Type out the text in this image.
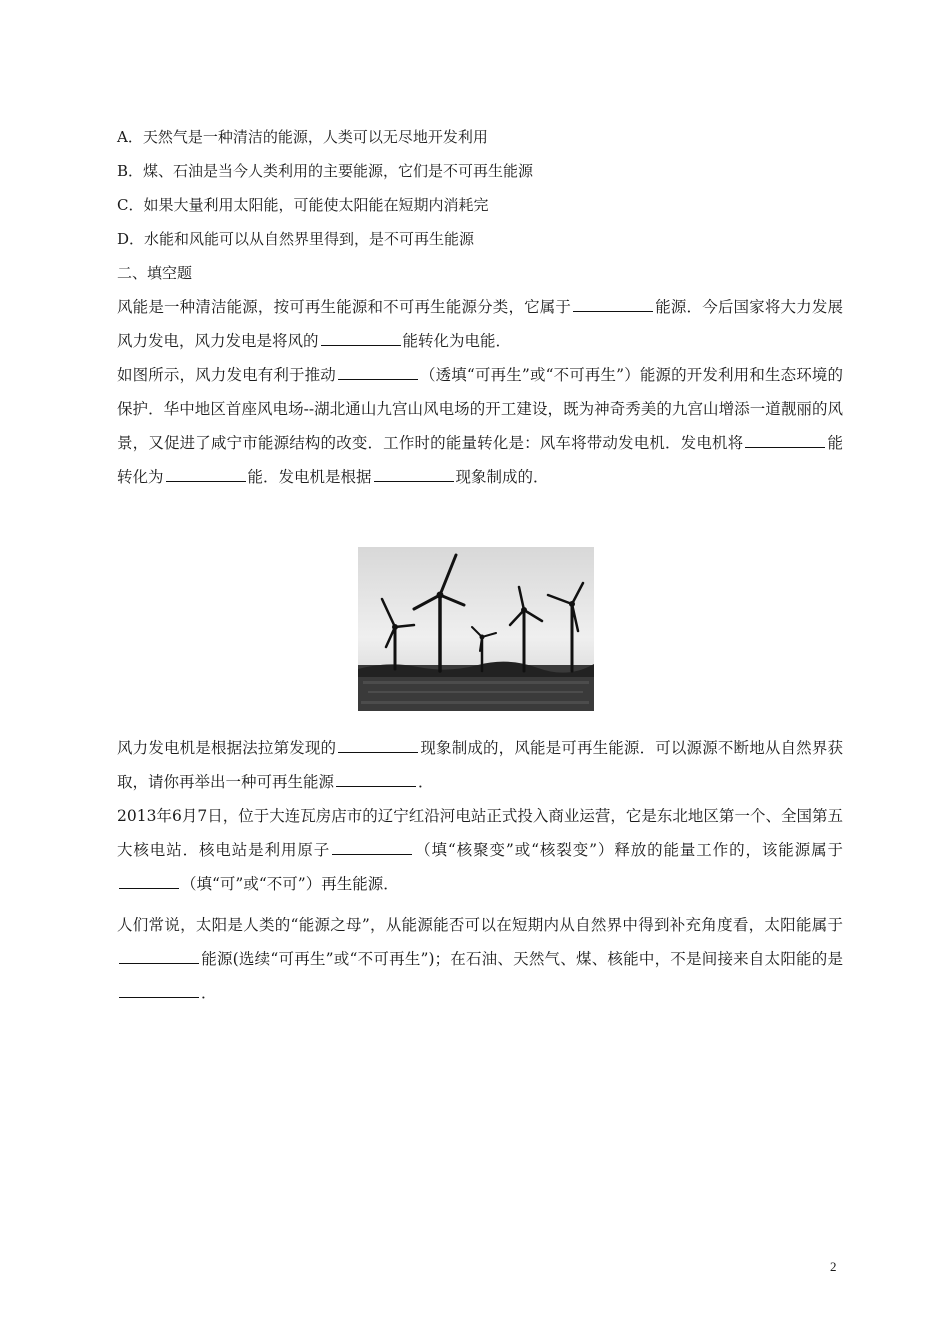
A．天然气是一种清洁的能源，人类可以无尽地开发利用
B．煤、石油是当今人类利用的主要能源，它们是不可再生能源
C．如果大量利用太阳能，可能使太阳能在短期内消耗完
D．水能和风能可以从自然界里得到，是不可再生能源
二、填空题
风能是一种清洁能源，按可再生能源和不可再生能源分类，它属于	能源．今后国家将大力发展风力发电，风力发电是将风的	能转化为电能．
如图所示，风力发电有利于推动	（透填“可再生”或“不可再生”）能源的开发利用和生态环境的保护．华中地区首座风电场--湖北通山九宫山风电场的开工建设，既为神奇秀美的九宫山增添一道靓丽的风景，又促进了咸宁市能源结构的改变．工作时的能量转化是：风车将带动发电机．发电机将	能转化为	能．发电机是根据	现象制成的．
风力发电机是根据法拉第发现的	现象制成的，风能是可再生能源．可以源源不断地从自然界获取，请你再举出一种可再生能源	．
2013年6月7日，位于大连瓦房店市的辽宁红沿河电站正式投入商业运营，它是东北地区第一个、全国第五大核电站．核电站是利用原子	（填“核聚变”或“核裂变”）释放的能量工作的，该能源属于（填“可”或“不可”）再生能源．
人们常说，太阳是人类的“能源之母”，从能源能否可以在短期内从自然界中得到补充角度看，太阳能属于能源(选续“可再生”或“不可再生”)；在石油、天然气、煤、核能中，不是间接来自太阳能的是．
2
